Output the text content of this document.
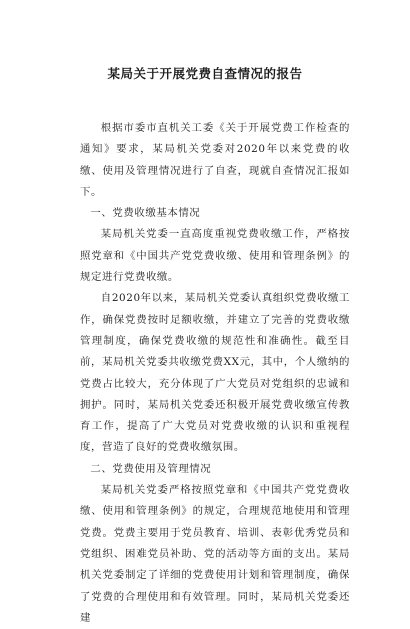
某局关于开展党费自查情况的报告

根据市委市直机关工委《关于开展党费工作检查的通知》要求，某局机关党委对2020年以来党费的收缴、使用及管理情况进行了自查，现就自查情况汇报如下。

一、党费收缴基本情况

某局机关党委一直高度重视党费收缴工作，严格按照党章和《中国共产党党费收缴、使用和管理条例》的规定进行党费收缴。

自2020年以来，某局机关党委认真组织党费收缴工作，确保党费按时足额收缴，并建立了完善的党费收缴管理制度，确保党费收缴的规范性和准确性。截至目前，某局机关党委共收缴党费XX元，其中，个人缴纳的党费占比较大，充分体现了广大党员对党组织的忠诚和拥护。同时，某局机关党委还积极开展党费收缴宣传教育工作，提高了广大党员对党费收缴的认识和重视程度，营造了良好的党费收缴氛围。

二、党费使用及管理情况

某局机关党委严格按照党章和《中国共产党党费收缴、使用和管理条例》的规定，合理规范地使用和管理党费。党费主要用于党员教育、培训、表彰优秀党员和党组织、困难党员补助、党的活动等方面的支出。某局机关党委制定了详细的党费使用计划和管理制度，确保了党费的合理使用和有效管理。同时，某局机关党委还建
